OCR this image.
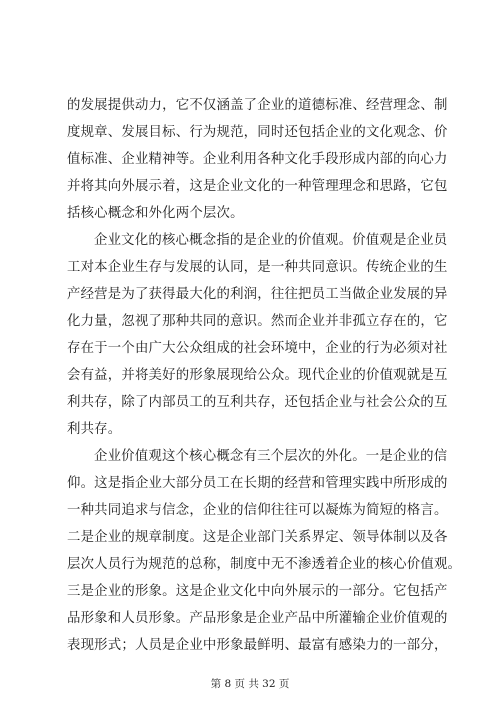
的发展提供动力，它不仅涵盖了企业的道德标准、经营理念、制
度规章、发展目标、行为规范，同时还包括企业的文化观念、价
值标准、企业精神等。企业利用各种文化手段形成内部的向心力
并将其向外展示着，这是企业文化的一种管理理念和思路，它包
括核心概念和外化两个层次。
企业文化的核心概念指的是企业的价值观。价值观是企业员
工对本企业生存与发展的认同，是一种共同意识。传统企业的生
产经营是为了获得最大化的利润，往往把员工当做企业发展的异
化力量，忽视了那种共同的意识。然而企业并非孤立存在的，它
存在于一个由广大公众组成的社会环境中，企业的行为必须对社
会有益，并将美好的形象展现给公众。现代企业的价值观就是互
利共存，除了内部员工的互利共存，还包括企业与社会公众的互
利共存。
企业价值观这个核心概念有三个层次的外化。一是企业的信
仰。这是指企业大部分员工在长期的经营和管理实践中所形成的
一种共同追求与信念，企业的信仰往往可以凝炼为简短的格言。
二是企业的规章制度。这是企业部门关系界定、领导体制以及各
层次人员行为规范的总称，制度中无不渗透着企业的核心价值观。
三是企业的形象。这是企业文化中向外展示的一部分。它包括产
品形象和人员形象。产品形象是企业产品中所灌输企业价值观的
表现形式；人员是企业中形象最鲜明、最富有感染力的一部分，
第 8 页 共 32 页
